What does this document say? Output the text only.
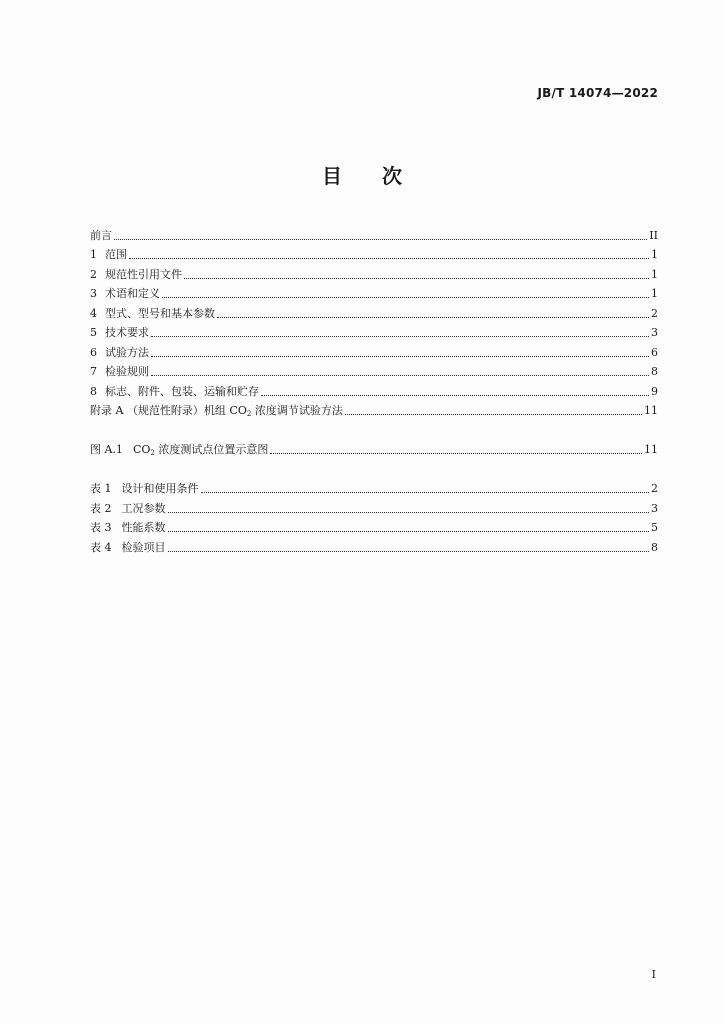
JB/T 14074—2022
目 次
前言	II
1 范围	1
2 规范性引用文件	1
3 术语和定义	1
4 型式、型号和基本参数	2
5 技术要求	3
6 试验方法	6
7 检验规则	8
8 标志、附件、包装、运输和贮存	9
附录 A （规范性附录）机组 $CO_2$ 浓度调节试验方法	11
图 A.1 $CO_2$ 浓度测试点位置示意图	11
表 1 设计和使用条件	2
表 2 工况参数	3
表 3 性能系数	5
表 4 检验项目	8
I
